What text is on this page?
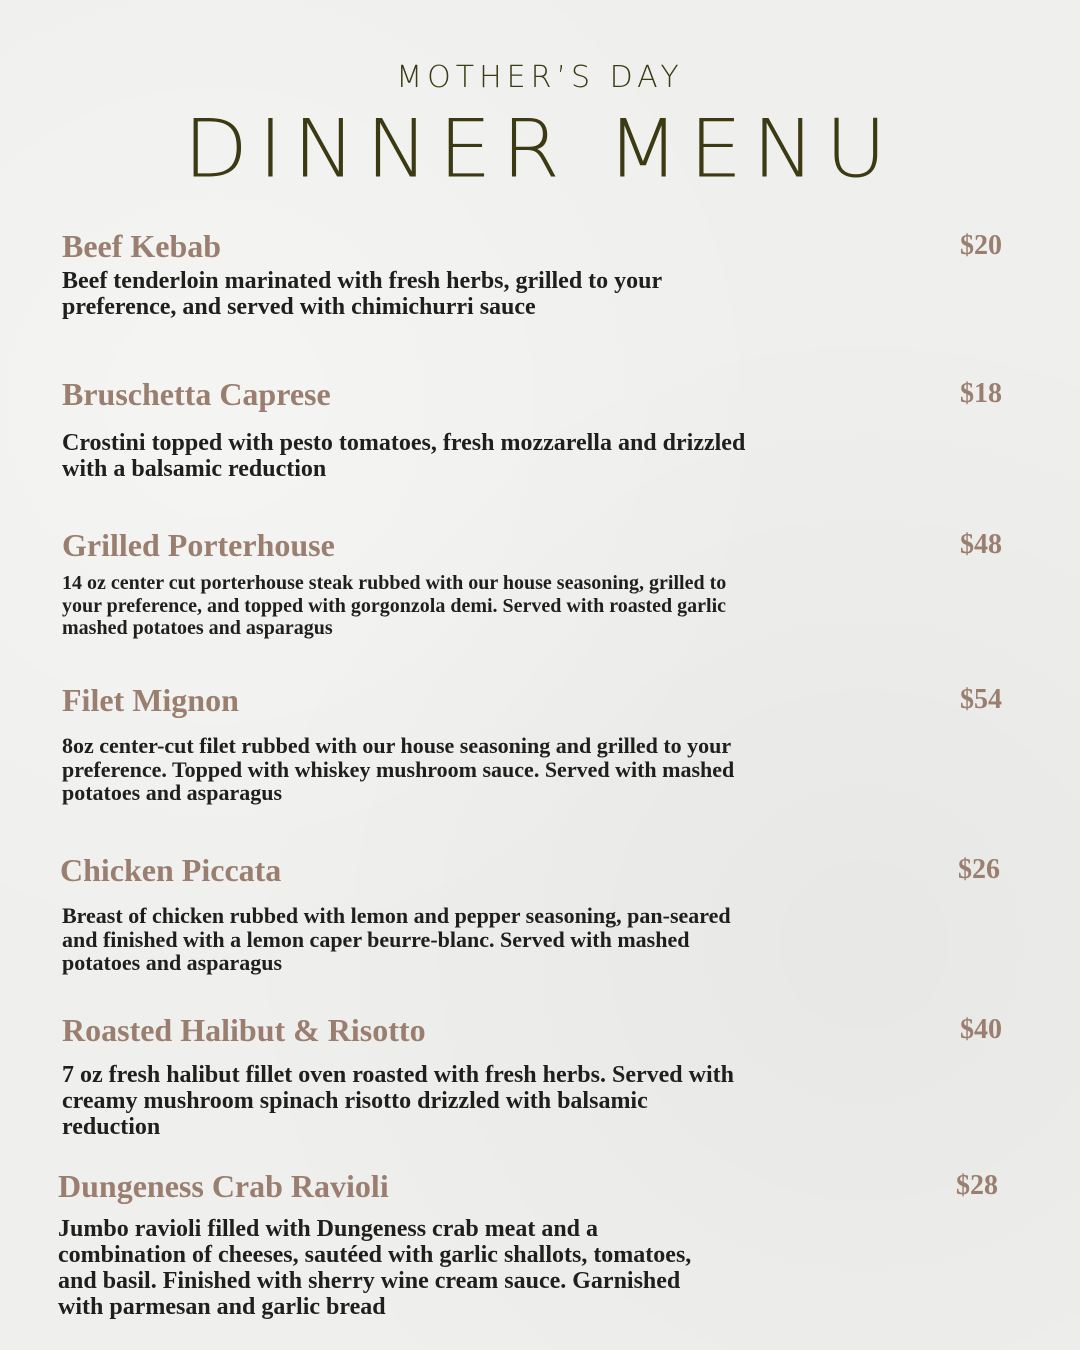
MOTHER’S DAY
DINNER MENU
Beef Kebab	$20
Beef tenderloin marinated with fresh herbs, grilled to your preference, and served with chimichurri sauce
Bruschetta Caprese	$18
Crostini topped with pesto tomatoes, fresh mozzarella and drizzled with a balsamic reduction
Grilled Porterhouse	$48
14 oz center cut porterhouse steak rubbed with our house seasoning, grilled to your preference, and topped with gorgonzola demi. Served with roasted garlic mashed potatoes and asparagus
Filet Mignon	$54
8oz center-cut filet rubbed with our house seasoning and grilled to your preference. Topped with whiskey mushroom sauce. Served with mashed potatoes and asparagus
Chicken Piccata	$26
Breast of chicken rubbed with lemon and pepper seasoning, pan-seared and finished with a lemon caper beurre-blanc. Served with mashed potatoes and asparagus
Roasted Halibut & Risotto	$40
7 oz fresh halibut fillet oven roasted with fresh herbs. Served with creamy mushroom spinach risotto drizzled with balsamic reduction
Dungeness Crab Ravioli	$28
Jumbo ravioli filled with Dungeness crab meat and a combination of cheeses, sautéed with garlic shallots, tomatoes, and basil. Finished with sherry wine cream sauce. Garnished with parmesan and garlic bread
